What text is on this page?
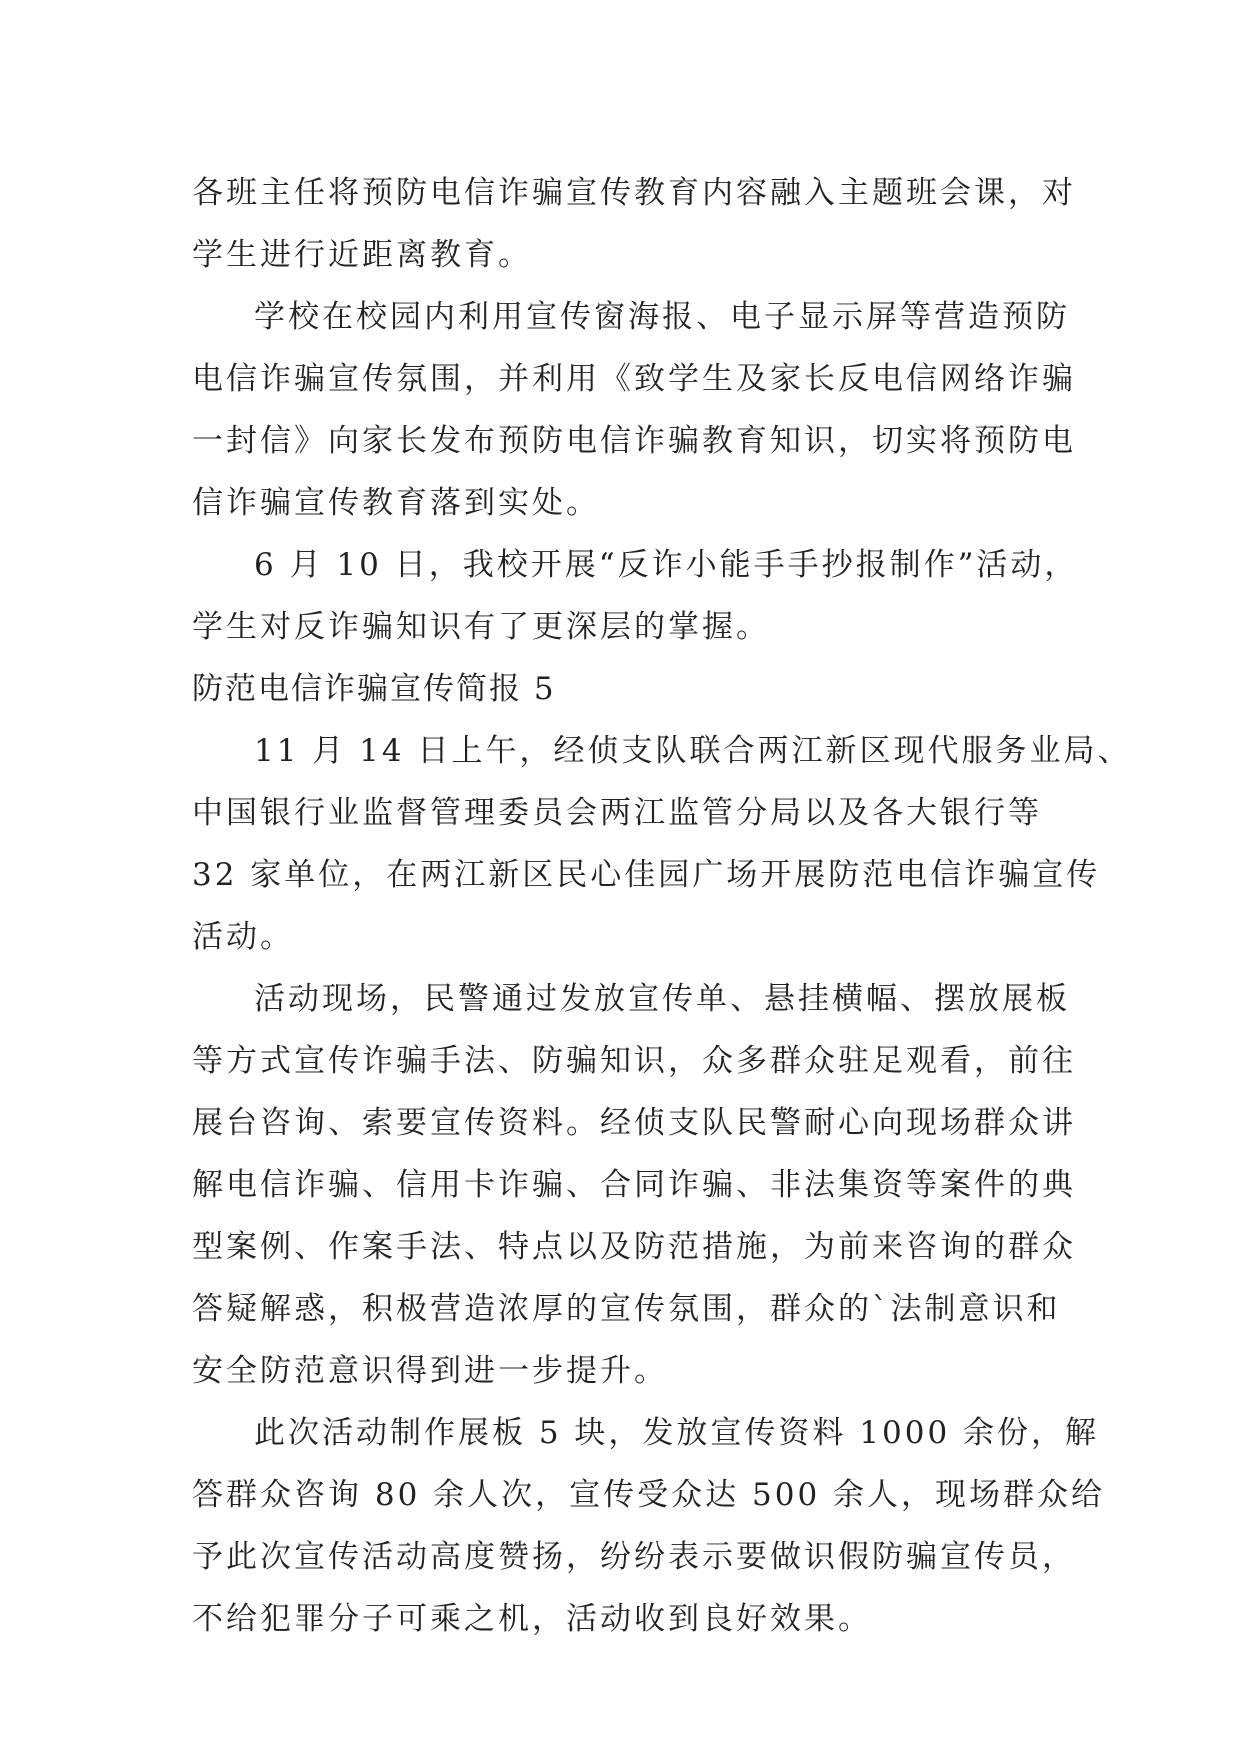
各班主任将预防电信诈骗宣传教育内容融入主题班会课，对
学生进行近距离教育。
学校在校园内利用宣传窗海报、电子显示屏等营造预防
电信诈骗宣传氛围，并利用《致学生及家长反电信网络诈骗
一封信》向家长发布预防电信诈骗教育知识，切实将预防电
信诈骗宣传教育落到实处。
6 月 10 日，我校开展“反诈小能手手抄报制作”活动，
学生对反诈骗知识有了更深层的掌握。
防范电信诈骗宣传简报 5
11 月 14 日上午，经侦支队联合两江新区现代服务业局、
中国银行业监督管理委员会两江监管分局以及各大银行等
32 家单位，在两江新区民心佳园广场开展防范电信诈骗宣传
活动。
活动现场，民警通过发放宣传单、悬挂横幅、摆放展板
等方式宣传诈骗手法、防骗知识，众多群众驻足观看，前往
展台咨询、索要宣传资料。经侦支队民警耐心向现场群众讲
解电信诈骗、信用卡诈骗、合同诈骗、非法集资等案件的典
型案例、作案手法、特点以及防范措施，为前来咨询的群众
答疑解惑，积极营造浓厚的宣传氛围，群众的`法制意识和
安全防范意识得到进一步提升。
此次活动制作展板 5 块，发放宣传资料 1000 余份，解
答群众咨询 80 余人次，宣传受众达 500 余人，现场群众给
予此次宣传活动高度赞扬，纷纷表示要做识假防骗宣传员，
不给犯罪分子可乘之机，活动收到良好效果。
